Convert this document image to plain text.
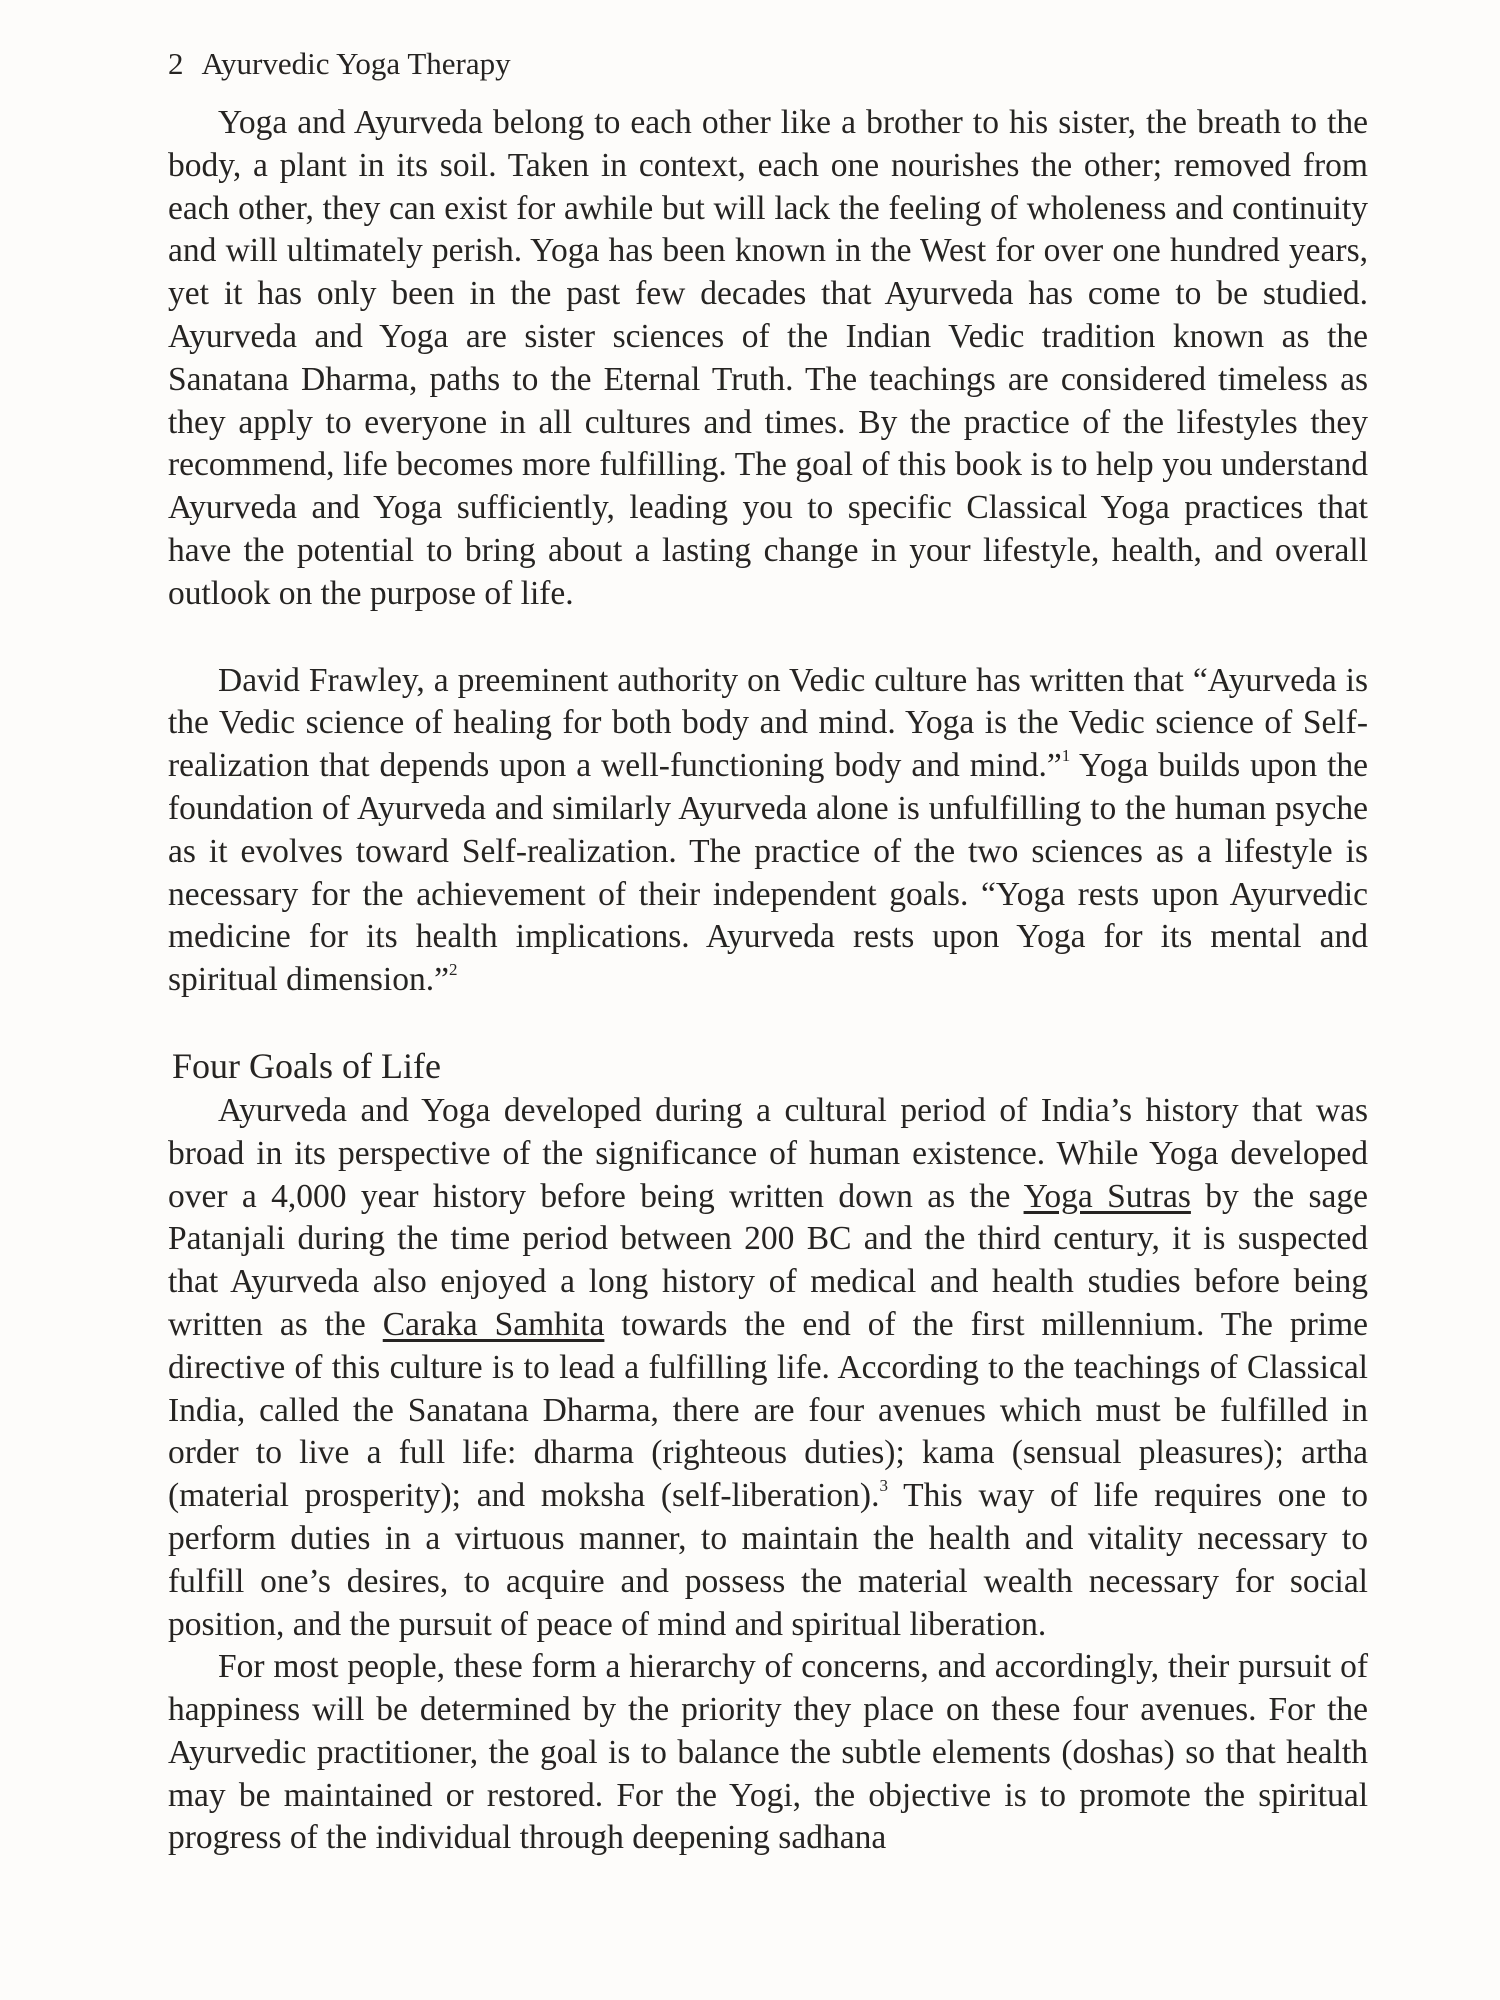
2 Ayurvedic Yoga Therapy

Yoga and Ayurveda belong to each other like a brother to his sister, the breath to the body, a plant in its soil. Taken in context, each one nourishes the other; removed from each other, they can exist for awhile but will lack the feeling of wholeness and continuity and will ultimately perish. Yoga has been known in the West for over one hundred years, yet it has only been in the past few decades that Ayurveda has come to be studied. Ayurveda and Yoga are sister sciences of the Indian Vedic tradition known as the Sanatana Dharma, paths to the Eternal Truth. The teachings are considered timeless as they apply to everyone in all cultures and times. By the practice of the lifestyles they recommend, life becomes more fulfilling. The goal of this book is to help you understand Ayurveda and Yoga sufficiently, leading you to specific Classical Yoga practices that have the potential to bring about a lasting change in your lifestyle, health, and overall outlook on the purpose of life.

David Frawley, a preeminent authority on Vedic culture has written that “Ayurveda is the Vedic science of healing for both body and mind. Yoga is the Vedic science of Self-realization that depends upon a well-functioning body and mind.”$^1$ Yoga builds upon the foundation of Ayurveda and similarly Ayurveda alone is unfulfilling to the human psyche as it evolves toward Self-realization. The practice of the two sciences as a lifestyle is necessary for the achievement of their independent goals. “Yoga rests upon Ayurvedic medicine for its health implications. Ayurveda rests upon Yoga for its mental and spiritual dimension.”$^2$

Four Goals of Life

Ayurveda and Yoga developed during a cultural period of India’s history that was broad in its perspective of the significance of human existence. While Yoga developed over a 4,000 year history before being written down as the Yoga Sutras by the sage Patanjali during the time period between 200 BC and the third century, it is suspected that Ayurveda also enjoyed a long history of medical and health studies before being written as the Caraka Samhita towards the end of the first millennium. The prime directive of this culture is to lead a fulfilling life. According to the teachings of Classical India, called the Sanatana Dharma, there are four avenues which must be fulfilled in order to live a full life: dharma (righteous duties); kama (sensual pleasures); artha (material prosperity); and moksha (self-liberation).$^3$ This way of life requires one to perform duties in a virtuous manner, to maintain the health and vitality necessary to fulfill one’s desires, to acquire and possess the material wealth necessary for social position, and the pursuit of peace of mind and spiritual liberation.

For most people, these form a hierarchy of concerns, and accordingly, their pursuit of happiness will be determined by the priority they place on these four avenues. For the Ayurvedic practitioner, the goal is to balance the subtle elements (doshas) so that health may be maintained or restored. For the Yogi, the objective is to promote the spiritual progress of the individual through deepening sadhana
